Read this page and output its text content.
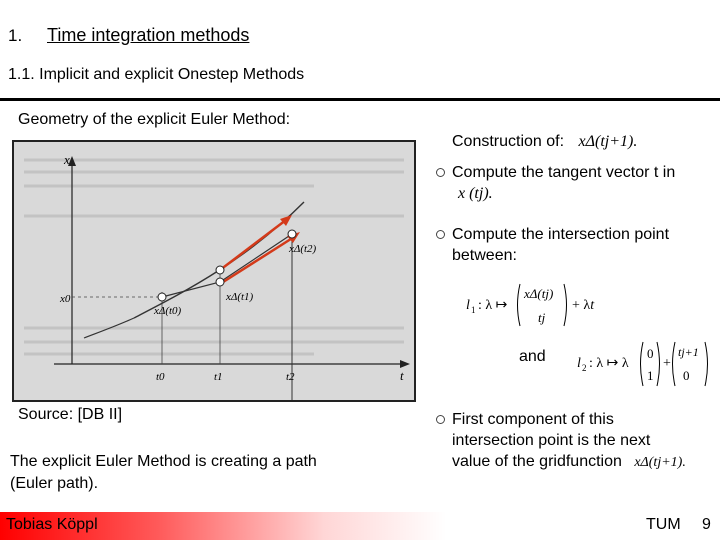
1. Time integration methods
1.1. Implicit and explicit Onestep Methods
Geometry of the explicit Euler Method:
x
t
x0
xΔ(t0)
xΔ(t1)
xΔ(t2)
t0	t1	t2
Source: [DB II]
The explicit Euler Method is creating a path
(Euler path).
Construction of: xΔ(tj+1).
Compute the tangent vector t in
x (tj).
Compute the intersection point
between:
l 1 : λ ↦
xΔ(tj)
tj
+ λt
and l 2 : λ ↦ λ
0
1
+
tj+1
0
First component of this
intersection point is the next
value of the gridfunction xΔ(tj+1).
Tobias Köppl	TUM 9
